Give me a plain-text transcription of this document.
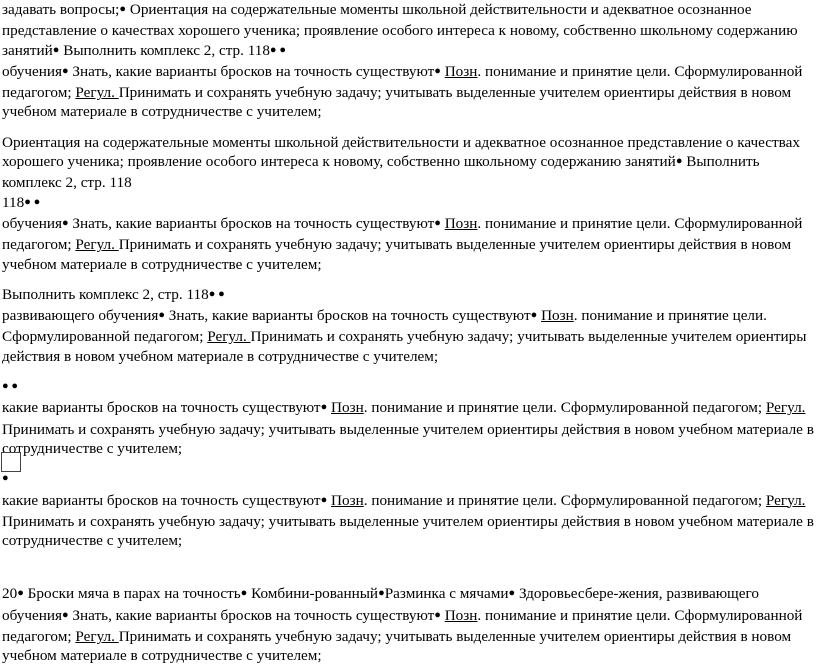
задавать вопросы;● Ориентация на содержательные моменты школьной действительности и адекватное осознанное представление о качествах хорошего ученика; проявление особого интереса к новому, собственно школьному содержанию занятий● Выполнить комплекс 2, стр. 118● ●
обучения● Знать, какие варианты бросков на точность существуют● Позн. понимание и принятие цели. Сформулированной педагогом; Регул. Принимать и сохранять учебную задачу; учитывать выделенные учителем ориентиры действия в новом учебном материале в сотрудничестве с учителем;
Ориентация на содержательные моменты школьной действительности и адекватное осознанное представление о качествах хорошего ученика; проявление особого интереса к новому, собственно школьному содержанию занятий● Выполнить комплекс 2, стр. 118
118● ●
обучения● Знать, какие варианты бросков на точность существуют● Позн. понимание и принятие цели. Сформулированной педагогом; Регул. Принимать и сохранять учебную задачу; учитывать выделенные учителем ориентиры действия в новом учебном материале в сотрудничестве с учителем;
Выполнить комплекс 2, стр. 118● ●
развивающего обучения● Знать, какие варианты бросков на точность существуют● Позн. понимание и принятие цели. Сформулированной педагогом; Регул. Принимать и сохранять учебную задачу; учитывать выделенные учителем ориентиры действия в новом учебном материале в сотрудничестве с учителем;
● ●
какие варианты бросков на точность существуют● Позн. понимание и принятие цели. Сформулированной педагогом; Регул. Принимать и сохранять учебную задачу; учитывать выделенные учителем ориентиры действия в новом учебном материале в сотрудничестве с учителем;
●
какие варианты бросков на точность существуют● Позн. понимание и принятие цели. Сформулированной педагогом; Регул. Принимать и сохранять учебную задачу; учитывать выделенные учителем ориентиры действия в новом учебном материале в сотрудничестве с учителем;
20● Броски мяча в парах на точность● Комбини-рованный●Разминка с мячами● Здоровьесбере-жения, развивающего обучения● Знать, какие варианты бросков на точность существуют● Позн. понимание и принятие цели. Сформулированной педагогом; Регул. Принимать и сохранять учебную задачу; учитывать выделенные учителем ориентиры действия в новом учебном материале в сотрудничестве с учителем;
